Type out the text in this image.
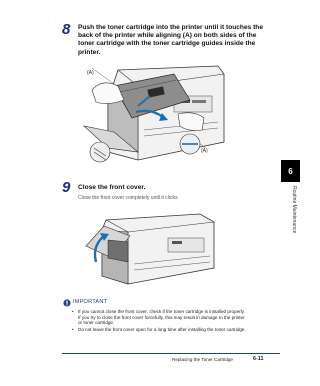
8 Push the toner cartridge into the printer until it touches the
back of the printer while aligning (A) on both sides of the
toner cartridge with the toner cartridge guides inside the
printer.
(A)
(A)
9 Close the front cover.
Close the front cover completely until it clicks.
IMPORTANT
• If you cannot close the front cover, check if the toner cartridge is installed properly.
If you try to close the front cover forcefully, this may result in damage to the printer
or toner cartridge.
• Do not leave the front cover open for a long time after installing the toner cartridge.
6
Routine Maintenance
Replacing the Toner Cartridge	6-11
